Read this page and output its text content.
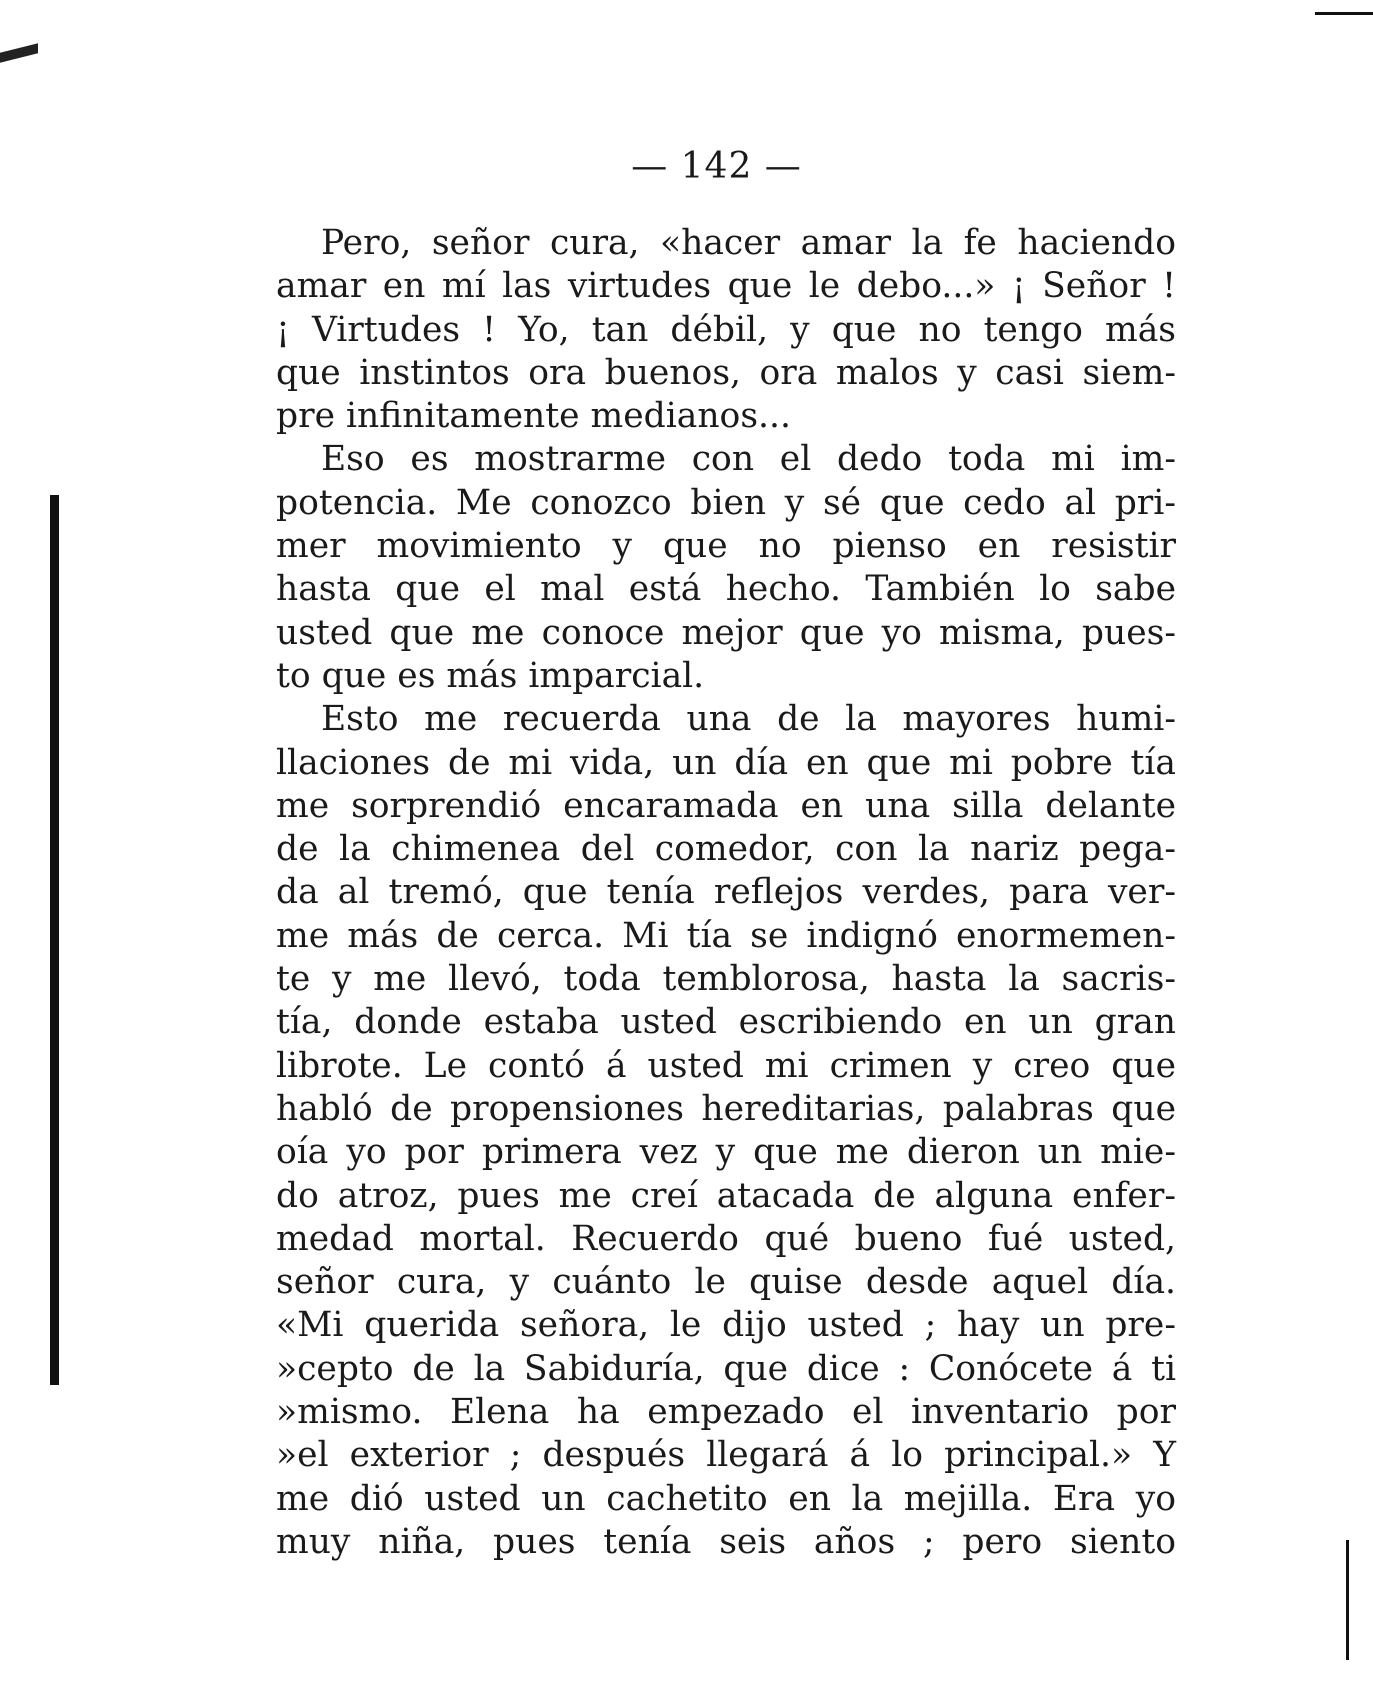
— 142 —
Pero, señor cura, «hacer amar la fe haciendo
amar en mí las virtudes que le debo...» ¡ Señor !
¡ Virtudes ! Yo, tan débil, y que no tengo más
que instintos ora buenos, ora malos y casi siem-
pre infinitamente medianos...
Eso es mostrarme con el dedo toda mi im-
potencia. Me conozco bien y sé que cedo al pri-
mer movimiento y que no pienso en resistir
hasta que el mal está hecho. También lo sabe
usted que me conoce mejor que yo misma, pues-
to que es más imparcial.
Esto me recuerda una de la mayores humi-
llaciones de mi vida, un día en que mi pobre tía
me sorprendió encaramada en una silla delante
de la chimenea del comedor, con la nariz pega-
da al tremó, que tenía reflejos verdes, para ver-
me más de cerca. Mi tía se indignó enormemen-
te y me llevó, toda temblorosa, hasta la sacris-
tía, donde estaba usted escribiendo en un gran
librote. Le contó á usted mi crimen y creo que
habló de propensiones hereditarias, palabras que
oía yo por primera vez y que me dieron un mie-
do atroz, pues me creí atacada de alguna enfer-
medad mortal. Recuerdo qué bueno fué usted,
señor cura, y cuánto le quise desde aquel día.
«Mi querida señora, le dijo usted ; hay un pre-
»cepto de la Sabiduría, que dice : Conócete á ti
»mismo. Elena ha empezado el inventario por
»el exterior ; después llegará á lo principal.» Y
me dió usted un cachetito en la mejilla. Era yo
muy niña, pues tenía seis años ; pero siento
